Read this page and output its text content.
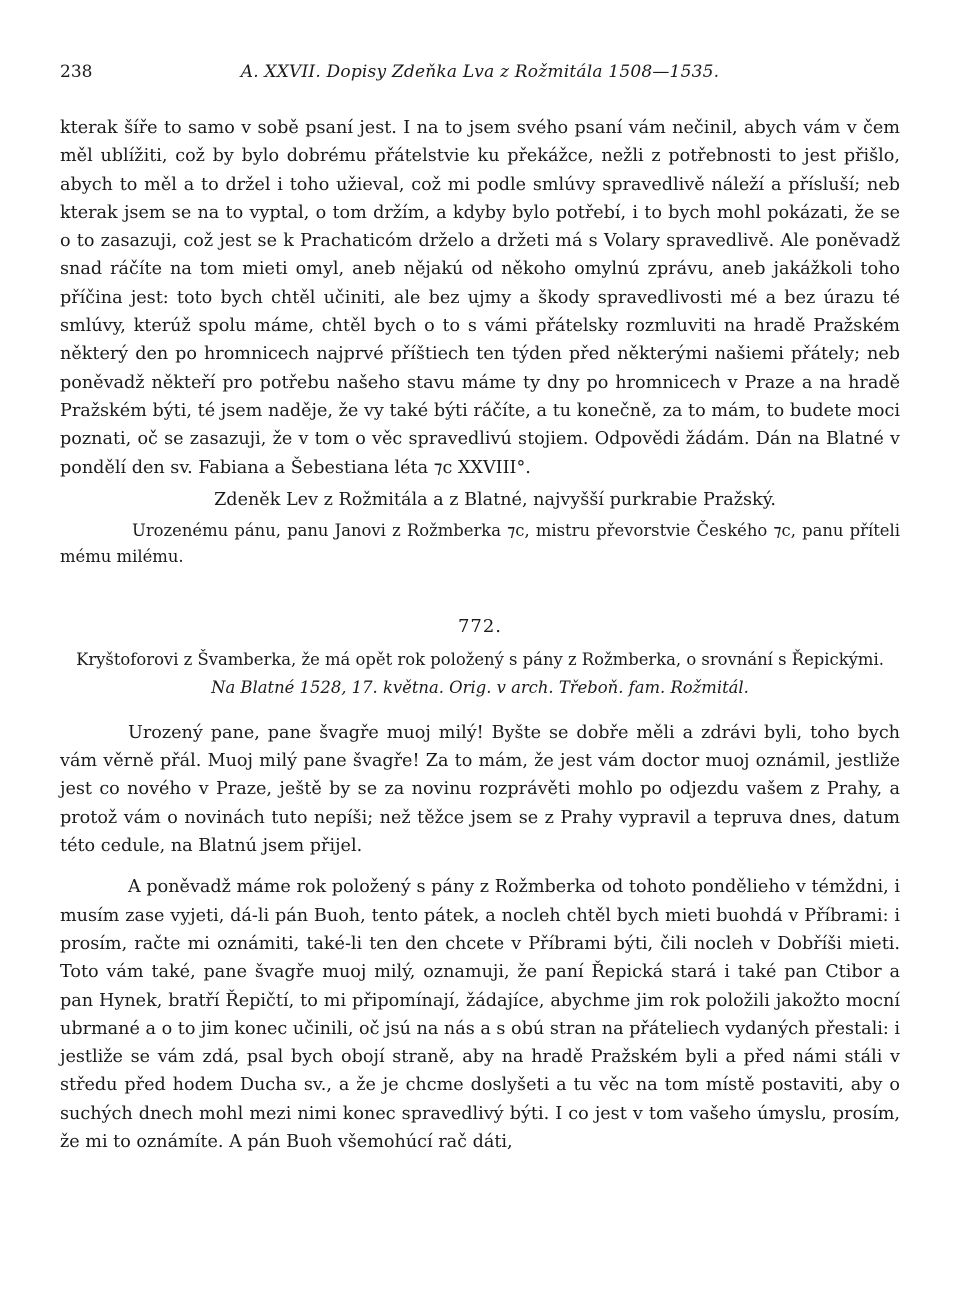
238	A. XXVII. Dopisy Zdeňka Lva z Rožmitála 1508—1535.

kterak šíře to samo v sobě psaní jest. I na to jsem svého psaní vám nečinil, abych vám v čem měl ublížiti, což by bylo dobrému přátelstvie ku překážce, nežli z potřebnosti to jest přišlo, abych to měl a to držel i toho užieval, což mi podle smlúvy spravedlivě náleží a přísluší; neb kterak jsem se na to vyptal, o tom držím, a kdyby bylo potřebí, i to bych mohl pokázati, že se o to zasazuji, což jest se k Prachaticóm drželo a držeti má s Volary spravedlivě. Ale poněvadž snad ráčíte na tom mieti omyl, aneb nějakú od někoho omylnú zprávu, aneb jakážkoli toho příčina jest: toto bych chtěl učiniti, ale bez ujmy a škody spravedlivosti mé a bez úrazu té smlúvy, kterúž spolu máme, chtěl bych o to s vámi přátelsky rozmluviti na hradě Pražském některý den po hromnicech najprvé příštiech ten týden před některými našiemi přátely; neb poněvadž někteří pro potřebu našeho stavu máme ty dny po hromnicech v Praze a na hradě Pražském býti, té jsem naděje, že vy také býti ráčíte, a tu konečně, za to mám, to budete moci poznati, oč se zasazuji, že v tom o věc spravedlivú stojiem. Odpovědi žádám. Dán na Blatné v pondělí den sv. Fabiana a Šebestiana léta ⁊c XXVIII°.

Zdeněk Lev z Rožmitála a z Blatné, najvyšší purkrabie Pražský.

Urozenému pánu, panu Janovi z Rožmberka ⁊c, mistru převorstvie Českého ⁊c, panu příteli mému milému.

772.

Kryštoforovi z Švamberka, že má opět rok položený s pány z Rožmberka, o srovnání s Řepickými.

Na Blatné 1528, 17. května. Orig. v arch. Třeboň. fam. Rožmitál.

Urozený pane, pane švagře muoj milý! Byšte se dobře měli a zdrávi byli, toho bych vám věrně přál. Muoj milý pane švagře! Za to mám, že jest vám doctor muoj oznámil, jestliže jest co nového v Praze, ještě by se za novinu rozprávěti mohlo po odjezdu vašem z Prahy, a protož vám o novinách tuto nepíši; než těžce jsem se z Prahy vypravil a tepruva dnes, datum této cedule, na Blatnú jsem přijel.

A poněvadž máme rok položený s pány z Rožmberka od tohoto pondělieho v témždni, i musím zase vyjeti, dá-li pán Buoh, tento pátek, a nocleh chtěl bych mieti buohdá v Příbrami: i prosím, račte mi oznámiti, také-li ten den chcete v Příbrami býti, čili nocleh v Dobříši mieti. Toto vám také, pane švagře muoj milý, oznamuji, že paní Řepická stará i také pan Ctibor a pan Hynek, bratří Řepičtí, to mi připomínají, žádajíce, abychme jim rok položili jakožto mocní ubrmané a o to jim konec učinili, oč jsú na nás a s obú stran na přáteliech vydaných přestali: i jestliže se vám zdá, psal bych obojí straně, aby na hradě Pražském byli a před námi stáli v středu před hodem Ducha sv., a že je chcme doslyšeti a tu věc na tom místě postaviti, aby o suchých dnech mohl mezi nimi konec spravedlivý býti. I co jest v tom vašeho úmyslu, prosím, že mi to oznámíte. A pán Buoh všemohúcí rač dáti,
